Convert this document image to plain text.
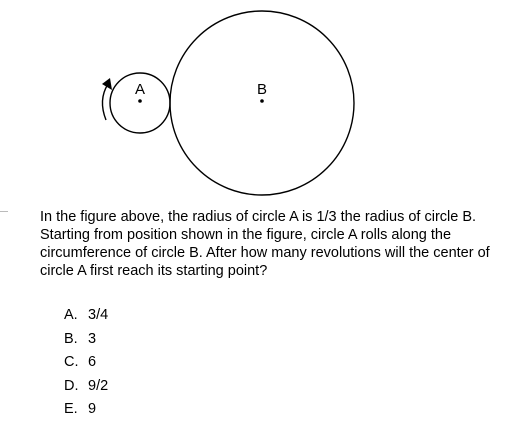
A	B

In the figure above, the radius of circle A is 1/3 the radius of circle B. Starting from position shown in the figure, circle A rolls along the circumference of circle B. After how many revolutions will the center of circle A first reach its starting point?

A. 3/4
B. 3
C. 6
D. 9/2
E. 9
